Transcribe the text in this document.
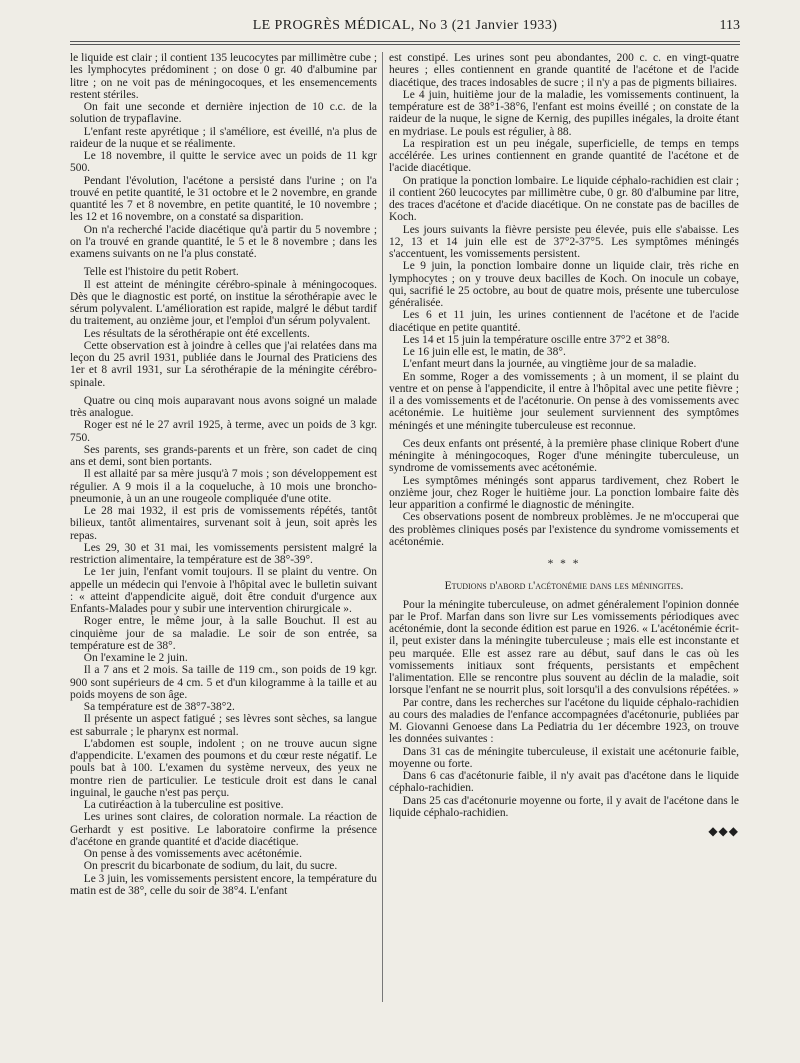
LE PROGRÈS MÉDICAL, No 3 (21 Janvier 1933)	113

le liquide est clair ; il contient 135 leucocytes par millimètre cube ; les lymphocytes prédominent ; on dose 0 gr. 40 d'albumine par litre ; on ne voit pas de méningocoques, et les ensemencements restent stériles.

On fait une seconde et dernière injection de 10 c.c. de la solution de trypaflavine.

L'enfant reste apyrétique ; il s'améliore, est éveillé, n'a plus de raideur de la nuque et se réalimente.

Le 18 novembre, il quitte le service avec un poids de 11 kgr 500.

Pendant l'évolution, l'acétone a persisté dans l'urine ; on l'a trouvé en petite quantité, le 31 octobre et le 2 novembre, en grande quantité les 7 et 8 novembre, en petite quantité, le 10 novembre ; les 12 et 16 novembre, on a constaté sa disparition.

On n'a recherché l'acide diacétique qu'à partir du 5 novembre ; on l'a trouvé en grande quantité, le 5 et le 8 novembre ; dans les examens suivants on ne l'a plus constaté.

Telle est l'histoire du petit Robert.

Il est atteint de méningite cérébro-spinale à méningocoques. Dès que le diagnostic est porté, on institue la sérothérapie avec le sérum polyvalent. L'amélioration est rapide, malgré le début tardif du traitement, au onzième jour, et l'emploi d'un sérum polyvalent.

Les résultats de la sérothérapie ont été excellents.

Cette observation est à joindre à celles que j'ai relatées dans ma leçon du 25 avril 1931, publiée dans le Journal des Praticiens des 1er et 8 avril 1931, sur La sérothérapie de la méningite cérébro-spinale.

Quatre ou cinq mois auparavant nous avons soigné un malade très analogue.

Roger est né le 27 avril 1925, à terme, avec un poids de 3 kgr. 750.

Ses parents, ses grands-parents et un frère, son cadet de cinq ans et demi, sont bien portants.

Il est allaité par sa mère jusqu'à 7 mois ; son développement est régulier. A 9 mois il a la coqueluche, à 10 mois une broncho-pneumonie, à un an une rougeole compliquée d'une otite.

Le 28 mai 1932, il est pris de vomissements répétés, tantôt bilieux, tantôt alimentaires, survenant soit à jeun, soit après les repas.

Les 29, 30 et 31 mai, les vomissements persistent malgré la restriction alimentaire, la température est de 38°-39°.

Le 1er juin, l'enfant vomit toujours. Il se plaint du ventre. On appelle un médecin qui l'envoie à l'hôpital avec le bulletin suivant : « atteint d'appendicite aiguë, doit être conduit d'urgence aux Enfants-Malades pour y subir une intervention chirurgicale ».

Roger entre, le même jour, à la salle Bouchut. Il est au cinquième jour de sa maladie. Le soir de son entrée, sa température est de 38°.

On l'examine le 2 juin.

Il a 7 ans et 2 mois. Sa taille de 119 cm., son poids de 19 kgr. 900 sont supérieurs de 4 cm. 5 et d'un kilogramme à la taille et au poids moyens de son âge.

Sa température est de 38°7-38°2.

Il présente un aspect fatigué ; ses lèvres sont sèches, sa langue est saburrale ; le pharynx est normal.

L'abdomen est souple, indolent ; on ne trouve aucun signe d'appendicite. L'examen des poumons et du cœur reste négatif. Le pouls bat à 100. L'examen du système nerveux, des yeux ne montre rien de particulier. Le testicule droit est dans le canal inguinal, le gauche n'est pas perçu.

La cutiréaction à la tuberculine est positive.

Les urines sont claires, de coloration normale. La réaction de Gerhardt y est positive. Le laboratoire confirme la présence d'acétone en grande quantité et d'acide diacétique.

On pense à des vomissements avec acétonémie.

On prescrit du bicarbonate de sodium, du lait, du sucre.

Le 3 juin, les vomissements persistent encore, la température du matin est de 38°, celle du soir de 38°4. L'enfant

est constipé. Les urines sont peu abondantes, 200 c. c. en vingt-quatre heures ; elles contiennent en grande quantité de l'acétone et de l'acide diacétique, des traces indosables de sucre ; il n'y a pas de pigments biliaires.

Le 4 juin, huitième jour de la maladie, les vomissements continuent, la température est de 38°1-38°6, l'enfant est moins éveillé ; on constate de la raideur de la nuque, le signe de Kernig, des pupilles inégales, la droite étant en mydriase. Le pouls est régulier, à 88.

La respiration est un peu inégale, superficielle, de temps en temps accélérée. Les urines contiennent en grande quantité de l'acétone et de l'acide diacétique.

On pratique la ponction lombaire. Le liquide céphalo-rachidien est clair ; il contient 260 leucocytes par millimètre cube, 0 gr. 80 d'albumine par litre, des traces d'acétone et d'acide diacétique. On ne constate pas de bacilles de Koch.

Les jours suivants la fièvre persiste peu élevée, puis elle s'abaisse. Les 12, 13 et 14 juin elle est de 37°2-37°5. Les symptômes méningés s'accentuent, les vomissements persistent.

Le 9 juin, la ponction lombaire donne un liquide clair, très riche en lymphocytes ; on y trouve deux bacilles de Koch. On inocule un cobaye, qui, sacrifié le 25 octobre, au bout de quatre mois, présente une tuberculose généralisée.

Les 6 et 11 juin, les urines contiennent de l'acétone et de l'acide diacétique en petite quantité.

Les 14 et 15 juin la température oscille entre 37°2 et 38°8.

Le 16 juin elle est, le matin, de 38°.

L'enfant meurt dans la journée, au vingtième jour de sa maladie.

En somme, Roger a des vomissements ; à un moment, il se plaint du ventre et on pense à l'appendicite, il entre à l'hôpital avec une petite fièvre ; il a des vomissements et de l'acétonurie. On pense à des vomissements avec acétonémie. Le huitième jour seulement surviennent des symptômes méningés et une méningite tuberculeuse est reconnue.

Ces deux enfants ont présenté, à la première phase clinique Robert d'une méningite à méningocoques, Roger d'une méningite tuberculeuse, un syndrome de vomissements avec acétonémie.

Les symptômes méningés sont apparus tardivement, chez Robert le onzième jour, chez Roger le huitième jour. La ponction lombaire faite dès leur apparition a confirmé le diagnostic de méningite.

Ces observations posent de nombreux problèmes. Je ne m'occuperai que des problèmes cliniques posés par l'existence du syndrome vomissements et acétonémie.

* * *

Etudions d'abord l'acétonémie dans les méningites.

Pour la méningite tuberculeuse, on admet généralement l'opinion donnée par le Prof. Marfan dans son livre sur Les vomissements périodiques avec acétonémie, dont la seconde édition est parue en 1926. « L'acétonémie écrit-il, peut exister dans la méningite tuberculeuse ; mais elle est inconstante et peu marquée. Elle est assez rare au début, sauf dans le cas où les vomissements initiaux sont fréquents, persistants et empêchent l'alimentation. Elle se rencontre plus souvent au déclin de la maladie, soit lorsque l'enfant ne se nourrit plus, soit lorsqu'il a des convulsions répétées. »

Par contre, dans les recherches sur l'acétone du liquide céphalo-rachidien au cours des maladies de l'enfance accompagnées d'acétonurie, publiées par M. Giovanni Genoese dans La Pediatria du 1er décembre 1923, on trouve les données suivantes :

Dans 31 cas de méningite tuberculeuse, il existait une acétonurie faible, moyenne ou forte.

Dans 6 cas d'acétonurie faible, il n'y avait pas d'acétone dans le liquide céphalo-rachidien.

Dans 25 cas d'acétonurie moyenne ou forte, il y avait de l'acétone dans le liquide céphalo-rachidien.

◆◆◆
